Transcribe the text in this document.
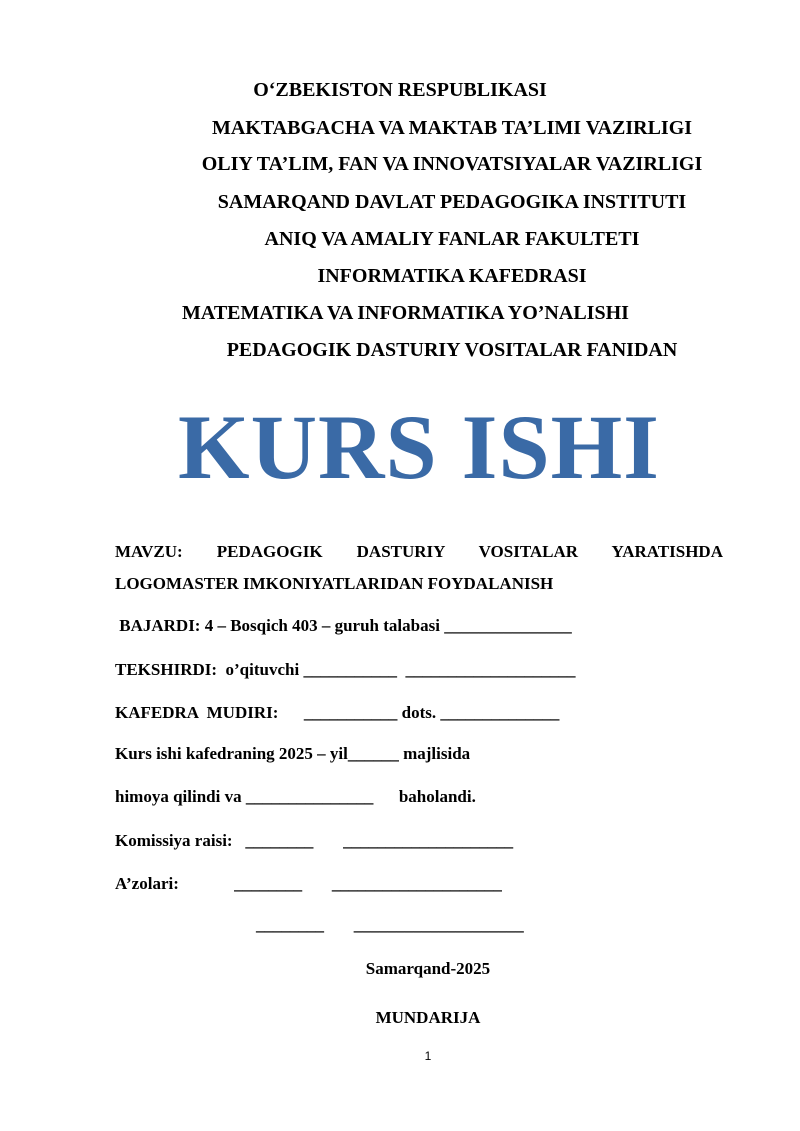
O‘ZBEKISTON RESPUBLIKASI
MAKTABGACHA VA MAKTAB TA’LIMI VAZIRLIGI
OLIY TA’LIM, FAN VA INNOVATSIYALAR VAZIRLIGI
SAMARQAND DAVLAT PEDAGOGIKA INSTITUTI
ANIQ VA AMALIY FANLAR FAKULTETI
INFORMATIKA KAFEDRASI
MATEMATIKA VA INFORMATIKA YO’NALISHI
PEDAGOGIK DASTURIY VOSITALAR FANIDAN
KURS ISHI
MAVZU: PEDAGOGIK DASTURIY VOSITALAR YARATISHDA LOGOMASTER IMKONIYATLARIDAN FOYDALANISH
BAJARDI: 4 – Bosqich 403 – guruh talabasi _______________
TEKSHIRDI:  o’qituvchi ___________  ____________________
KAFEDRA  MUDIRI:      ___________ dots. ______________
Kurs ishi kafedraning 2025 – yil______ majlisida
himoya qilindi va _______________      baholandi.
Komissiya raisi:   ________       ____________________
A’zolari:             ________       ____________________
________       ____________________
Samarqand-2025
MUNDARIJA
1
